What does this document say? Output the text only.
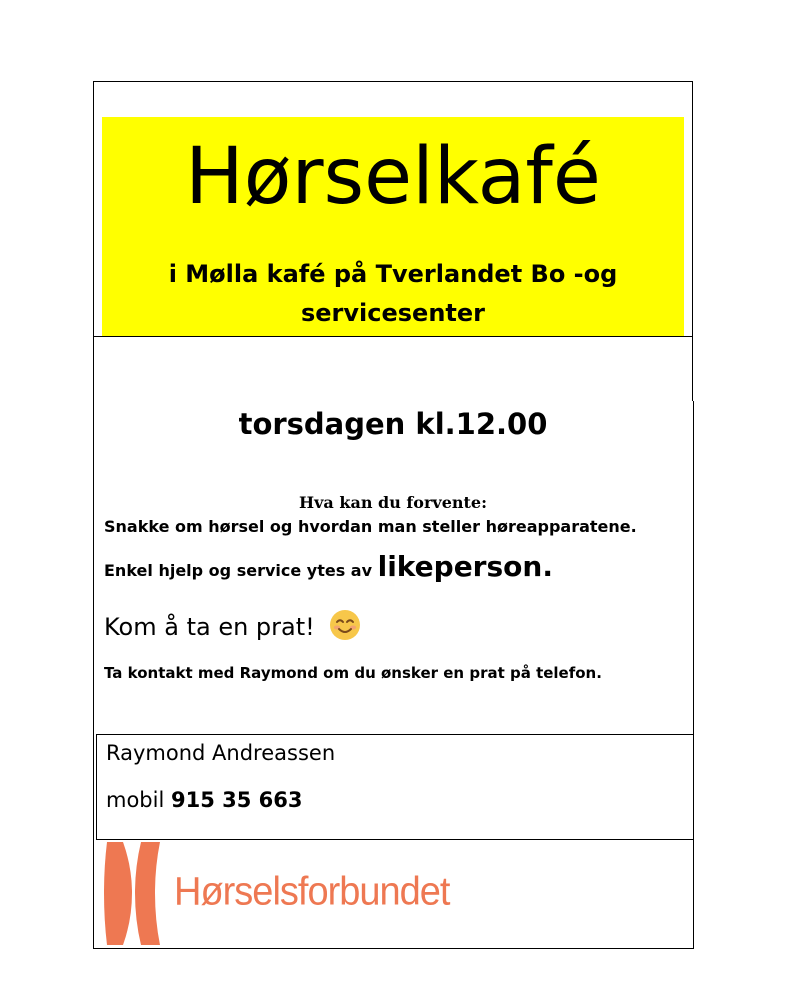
Hørselkafé
i Mølla kafé på Tverlandet Bo -og
servicesenter
torsdagen kl.12.00
Hva kan du forvente:
Snakke om hørsel og hvordan man steller høreapparatene.
Enkel hjelp og service ytes av likeperson.
Kom å ta en prat!
Ta kontakt med Raymond om du ønsker en prat på telefon.
Raymond Andreassen
mobil 915 35 663
Hørselsforbundet
